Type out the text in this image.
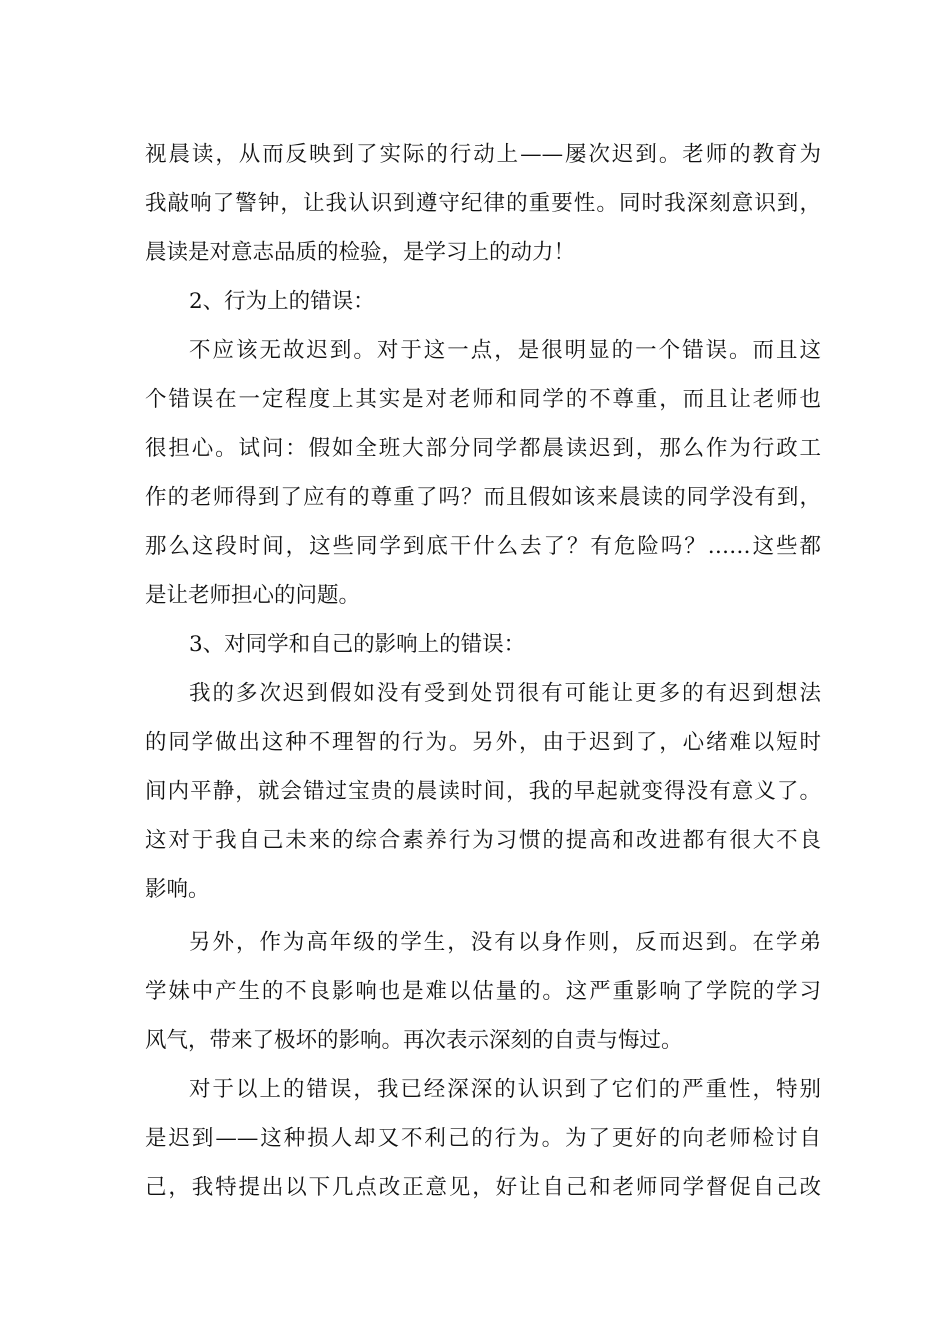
视晨读，从而反映到了实际的行动上——屡次迟到。老师的教育为
我敲响了警钟，让我认识到遵守纪律的重要性。同时我深刻意识到，
晨读是对意志品质的检验，是学习上的动力！
2、行为上的错误：
不应该无故迟到。对于这一点，是很明显的一个错误。而且这
个错误在一定程度上其实是对老师和同学的不尊重，而且让老师也
很担心。试问：假如全班大部分同学都晨读迟到，那么作为行政工
作的老师得到了应有的尊重了吗？而且假如该来晨读的同学没有到，
那么这段时间，这些同学到底干什么去了？有危险吗？……这些都
是让老师担心的问题。
3、对同学和自己的影响上的错误：
我的多次迟到假如没有受到处罚很有可能让更多的有迟到想法
的同学做出这种不理智的行为。另外，由于迟到了，心绪难以短时
间内平静，就会错过宝贵的晨读时间，我的早起就变得没有意义了。
这对于我自己未来的综合素养行为习惯的提高和改进都有很大不良
影响。
另外，作为高年级的学生，没有以身作则，反而迟到。在学弟
学妹中产生的不良影响也是难以估量的。这严重影响了学院的学习
风气，带来了极坏的影响。再次表示深刻的自责与悔过。
对于以上的错误，我已经深深的认识到了它们的严重性，特别
是迟到——这种损人却又不利己的行为。为了更好的向老师检讨自
己，我特提出以下几点改正意见，好让自己和老师同学督促自己改
